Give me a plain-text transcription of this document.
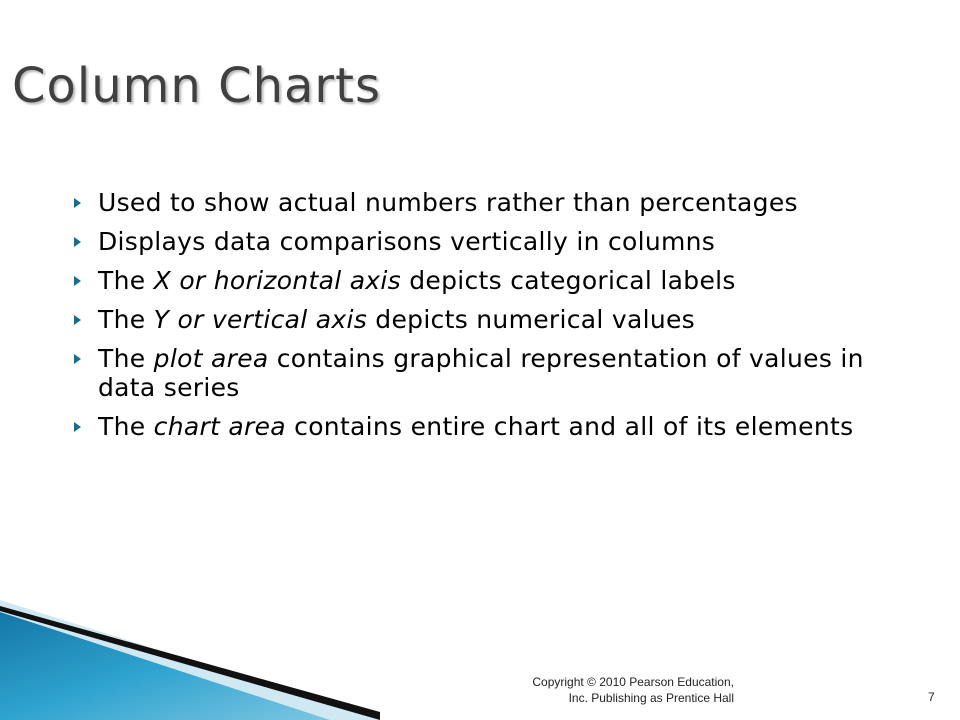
Column Charts
Used to show actual numbers rather than percentages
Displays data comparisons vertically in columns
The X or horizontal axis depicts categorical labels
The Y or vertical axis depicts numerical values
The plot area contains graphical representation of values in data series
The chart area contains entire chart and all of its elements
Copyright © 2010 Pearson Education,
Inc. Publishing as Prentice Hall	7
